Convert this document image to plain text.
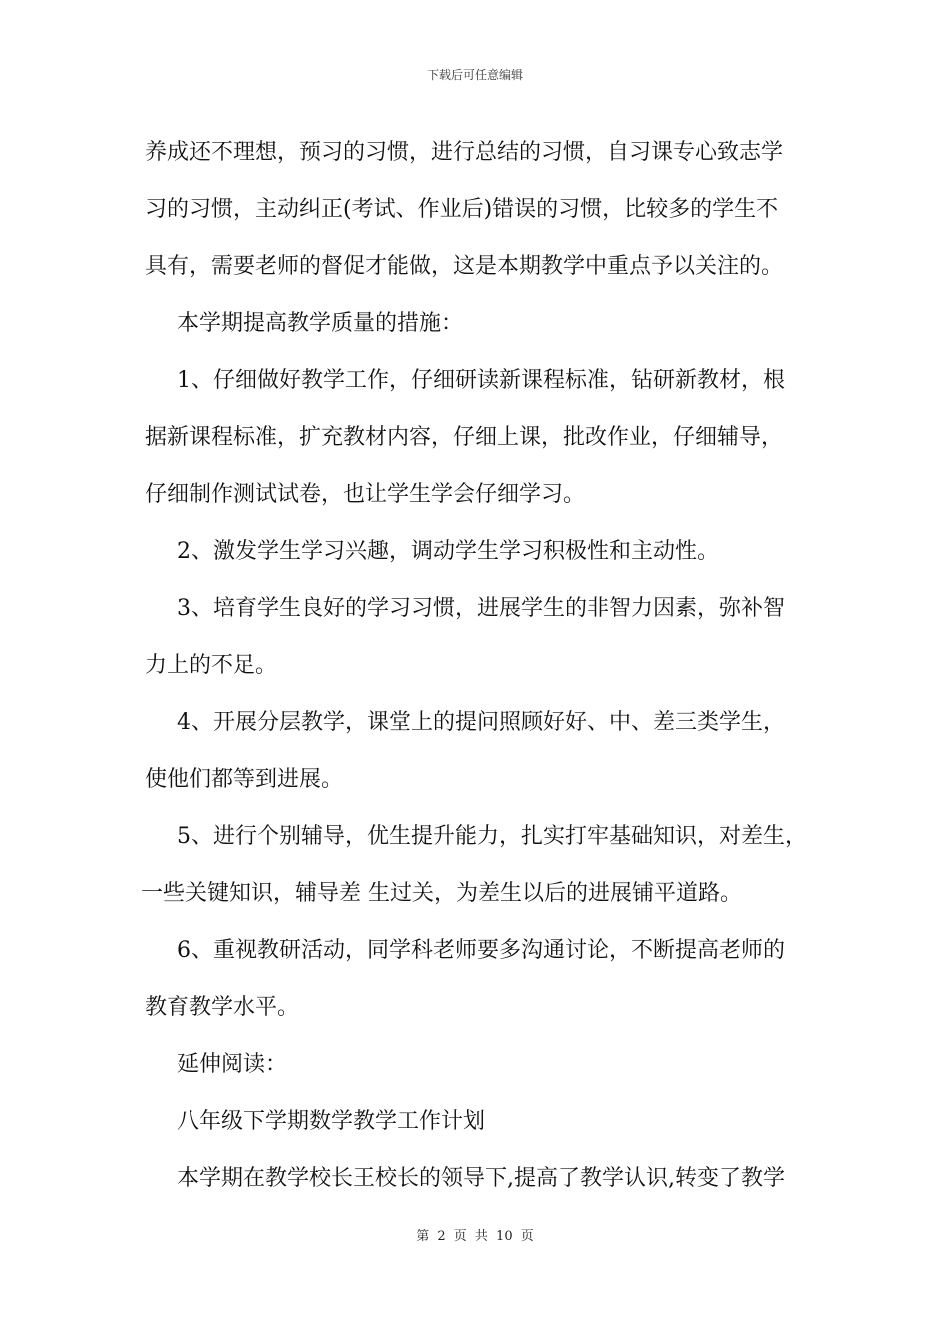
下载后可任意编辑
养成还不理想，预习的习惯，进行总结的习惯，自习课专心致志学
习的习惯，主动纠正(考试、作业后)错误的习惯，比较多的学生不
具有，需要老师的督促才能做，这是本期教学中重点予以关注的。
本学期提高教学质量的措施：
1、仔细做好教学工作，仔细研读新课程标准，钻研新教材，根
据新课程标准，扩充教材内容，仔细上课，批改作业，仔细辅导，
仔细制作测试试卷，也让学生学会仔细学习。
2、激发学生学习兴趣，调动学生学习积极性和主动性。
3、培育学生良好的学习习惯，进展学生的非智力因素，弥补智
力上的不足。
4、开展分层教学，课堂上的提问照顾好好、中、差三类学生，
使他们都等到进展。
5、进行个别辅导，优生提升能力，扎实打牢基础知识，对差生，
一些关键知识，辅导差 生过关，为差生以后的进展铺平道路。
6、重视教研活动，同学科老师要多沟通讨论，不断提高老师的
教育教学水平。
延伸阅读：
八年级下学期数学教学工作计划
本学期在教学校长王校长的领导下,提高了教学认识,转变了教学
第 2 页 共 10 页
